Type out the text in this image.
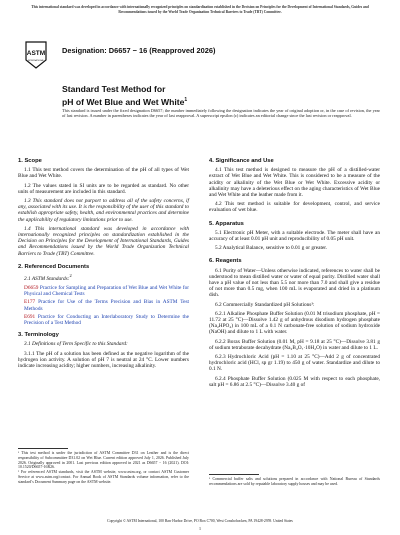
This international standard was developed in accordance with internationally recognized principles on standardization established in the Decision on Principles for the Development of International Standards, Guides and Recommendations issued by the World Trade Organization Technical Barriers to Trade (TBT) Committee.
ASTM
INTERNATIONAL
Designation: D6657 − 16 (Reapproved 2026)
Standard Test Method for
pH of Wet Blue and Wet White$^1$
This standard is issued under the fixed designation D6657; the number immediately following the designation indicates the year of original adoption or, in the case of revision, the year of last revision. A number in parentheses indicates the year of last reapproval. A superscript epsilon (ε) indicates an editorial change since the last revision or reapproval.
1. Scope
1.1 This test method covers the determination of the pH of all types of Wet Blue and Wet White.
1.2 The values stated in SI units are to be regarded as standard. No other units of measurement are included in this standard.
1.3 This standard does not purport to address all of the safety concerns, if any, associated with its use. It is the responsibility of the user of this standard to establish appropriate safety, health, and environmental practices and determine the applicability of regulatory limitations prior to use.
1.4 This international standard was developed in accordance with internationally recognized principles on standardization established in the Decision on Principles for the Development of International Standards, Guides and Recommendations issued by the World Trade Organization Technical Barriers to Trade (TBT) Committee.
2. Referenced Documents
2.1 ASTM Standards:$^2$
D6659 Practice for Sampling and Preparation of Wet Blue and Wet White for Physical and Chemical Tests
E177 Practice for Use of the Terms Precision and Bias in ASTM Test Methods
E691 Practice for Conducting an Interlaboratory Study to Determine the Precision of a Test Method
3. Terminology
3.1 Definitions of Term Specific to this Standard:
3.1.1 The pH of a solution has been defined as the negative logarithm of the hydrogen ion activity. A solution of pH 7 is neutral at 24 °C. Lower numbers indicate increasing acidity; higher numbers, increasing alkalinity.
4. Significance and Use
4.1 This test method is designed to measure the pH of a distilled-water extract of Wet Blue and Wet White. This is considered to be a measure of the acidity or alkalinity of the Wet Blue or Wet White. Excessive acidity or alkalinity may have a deleterious effect on the aging characteristics of Wet Blue and Wet White and the leather made from it.
4.2 This test method is suitable for development, control, and service evaluation of wet blue.
5. Apparatus
5.1 Electronic pH Meter, with a suitable electrode. The meter shall have an accuracy of at least 0.01 pH unit and reproducibility of 0.05 pH unit.
5.2 Analytical Balance, sensitive to 0.01 g or greater.
6. Reagents
6.1 Purity of Water—Unless otherwise indicated, references to water shall be understood to mean distilled water or water of equal purity. Distilled water shall have a pH value of not less than 5.5 nor more than 7.0 and shall give a residue of not more than 0.5 mg, when 100 mL is evaporated and dried in a platinum dish.
6.2 Commercially Standardized pH Solutions³:
6.2.1 Alkaline Phosphate Buffer Solution (0.01 M trisodium phosphate, pH = 11.72 at 25 °C)—Dissolve 1.42 g of anhydrous disodium hydrogen phosphate (Na₂HPO₄) in 100 mL of a 0.1 N carbonate-free solution of sodium hydroxide (NaOH) and dilute to 1 L with water.
6.2.2 Borax Buffer Solution (0.01 M, pH = 9.18 at 25 °C)—Dissolve 3.81 g of sodium tetraborate decahydrate (Na₂B₄O₇·10H₂O) in water and dilute to 1 L.
6.2.3 Hydrochloric Acid (pH = 1.10 at 25 °C)—Add 2 g of concentrated hydrochloric acid (HCl, sp gr 1.19) to 450 g of water. Standardize and dilute to 0.1 N.
6.2.4 Phosphate Buffer Solution (0.025 M with respect to each phosphate, salt pH = 6.86 at 2.5 °C)—Dissolve 3.40 g of
¹ This test method is under the jurisdiction of ASTM Committee D31 on Leather and is the direct responsibility of Subcommittee D31.02 on Wet Blue. Current edition approved July 1, 2026. Published July 2026. Originally approved in 2001. Last previous edition approved in 2021 as D6657 − 16 (2021). DOI: 10.1520/D6657-16R26.
² For referenced ASTM standards, visit the ASTM website, www.astm.org, or contact ASTM Customer Service at www.astm.org/contact. For Annual Book of ASTM Standards volume information, refer to the standard’s Document Summary page on the ASTM website.
³ Commercial buffer salts and solutions prepared in accordance with National Bureau of Standards recommendations are sold by reputable laboratory supply houses and may be used.
Copyright © ASTM International, 100 Barr Harbor Drive, PO Box C700, West Conshohocken, PA 19428-2959. United States
1
